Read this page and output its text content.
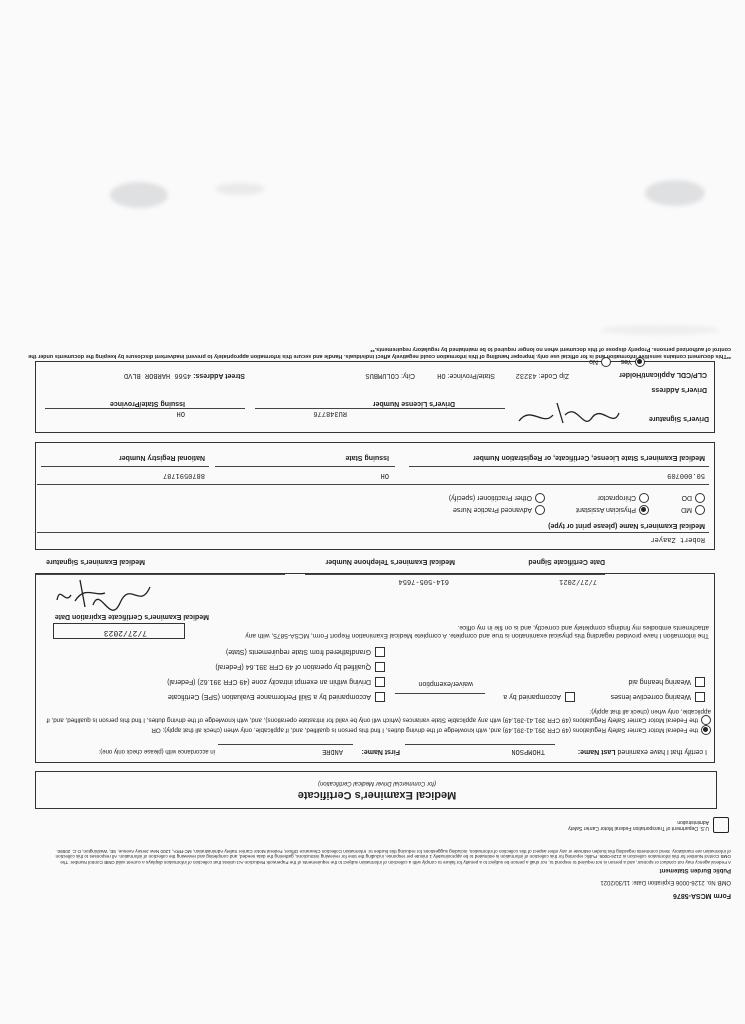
Form MCSA-5876
OMB No. 2126-0006 Expiration Date: 11/30/2021
Public Burden Statement
A Federal agency may not conduct or sponsor, and a person is not required to respond to, nor shall a person be subject to a penalty for failure to comply with a collection of information subject to the requirements of the Paperwork Reduction Act unless that collection of information displays a current valid OMB Control Number. The OMB Control Number for this information collection is 2126-0006. Public reporting for this collection of information is estimated to be approximately 1 minute per response, including the time for reviewing instructions, gathering the data needed, and completing and reviewing the collection of information. All responses to this collection of information are mandatory. Send comments regarding this burden estimate or any other aspect of this collection of information, including suggestions for reducing this burden to: Information Collection Clearance Officer, Federal Motor Carrier Safety Administration, MC-RRA, 1200 New Jersey Avenue, SE, Washington, D.C. 20590.
U.S. Department of Transportation Federal Motor Carrier Safety Administration
Medical Examiner's Certificate
(for Commercial Driver Medical Certification)
I certify that I have examined Last Name:
THOMPSON
First Name:
ANDRE
in accordance with (please check only one):
the Federal Motor Carrier Safety Regulations (49 CFR 391.41-391.49) and, with knowledge of the driving duties, I find this person is qualified, and, if applicable, only when (check all that apply); OR
the Federal Motor Carrier Safety Regulations (49 CFR 391.41-391.49) with any applicable State variances (which will only be valid for intrastate operations), and, with knowledge of the driving duties, I find this person is qualified, and, if applicable, only when (check all that apply):
Wearing corrective lenses
Wearing hearing aid
Accompanied by a
waiver/exemption
Accompanied by a Skill Performance Evaluation (SPE) Certificate
Driving within an exempt intracity zone (49 CFR 391.62) (Federal)
Qualified by operation of 49 CFR 391.64 (Federal)
Grandfathered from State requirements (State)
The information I have provided regarding this physical examination is true and complete. A complete Medical Examination Report Form, MCSA-5875, with any attachments embodies my findings completely and correctly, and is on file in my office.
7/27/2023
Medical Examiner's Certificate Expiration Date
Medical Examiner's Signature
614-505-7654
Medical Examiner's Telephone Number
7/27/2021
Date Certificate Signed
Robert Zaayer
Medical Examiner's Name (please print or type)
MD
DO
Physician Assistant
Chiropractor
Advanced Practice Nurse
Other Practitioner (specify)
50.000709
Medical Examiner's State License, Certificate, or Registration Number
OH
Issuing State
8870591787
National Registry Number
Driver's Signature
RU348776
Driver's License Number
OH
Issuing State/Province
Driver's Address
Street Address: 4566 HARBOR BLVD	City: COLUMBUS	State/Province: OH	Zip Code: 43232	CLP/CDL Applicant/Holder
Yes
No
**This document contains sensitive information and is for official use only. Improper handling of this information could negatively affect individuals. Handle and secure this information appropriately to prevent inadvertent disclosure by keeping the documents under the control of authorized persons. Properly dispose of this document when no longer required to be maintained by regulatory requirements.**
